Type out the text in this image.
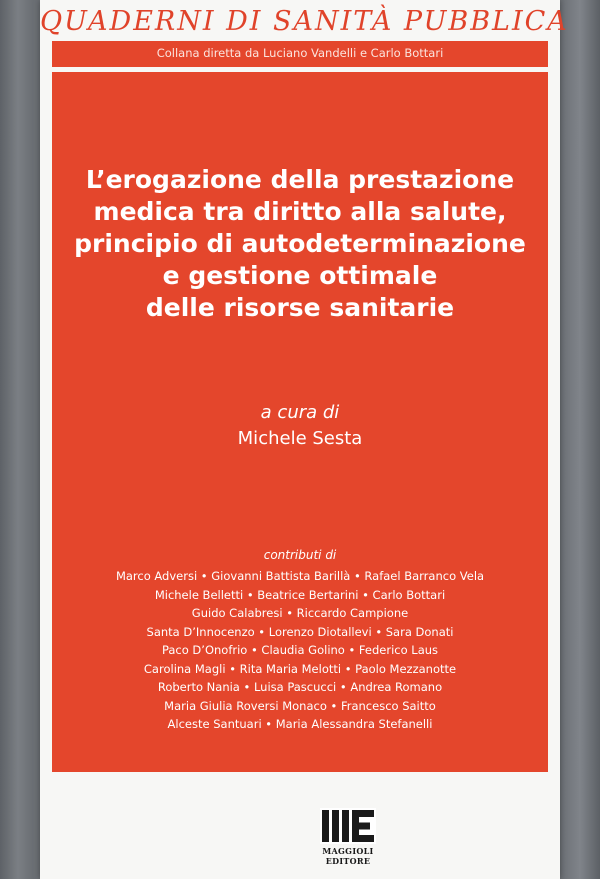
QUADERNI DI SANITÀ PUBBLICA
Collana diretta da Luciano Vandelli e Carlo Bottari
L’erogazione della prestazione
medica tra diritto alla salute,
principio di autodeterminazione
e gestione ottimale
delle risorse sanitarie
a cura di
Michele Sesta
contributi di
Marco Adversi • Giovanni Battista Barillà • Rafael Barranco Vela
Michele Belletti • Beatrice Bertarini • Carlo Bottari
Guido Calabresi • Riccardo Campione
Santa D’Innocenzo • Lorenzo Diotallevi • Sara Donati
Paco D’Onofrio • Claudia Golino • Federico Laus
Carolina Magli • Rita Maria Melotti • Paolo Mezzanotte
Roberto Nania • Luisa Pascucci • Andrea Romano
Maria Giulia Roversi Monaco • Francesco Saitto
Alceste Santuari • Maria Alessandra Stefanelli
MAGGIOLI
EDITORE
